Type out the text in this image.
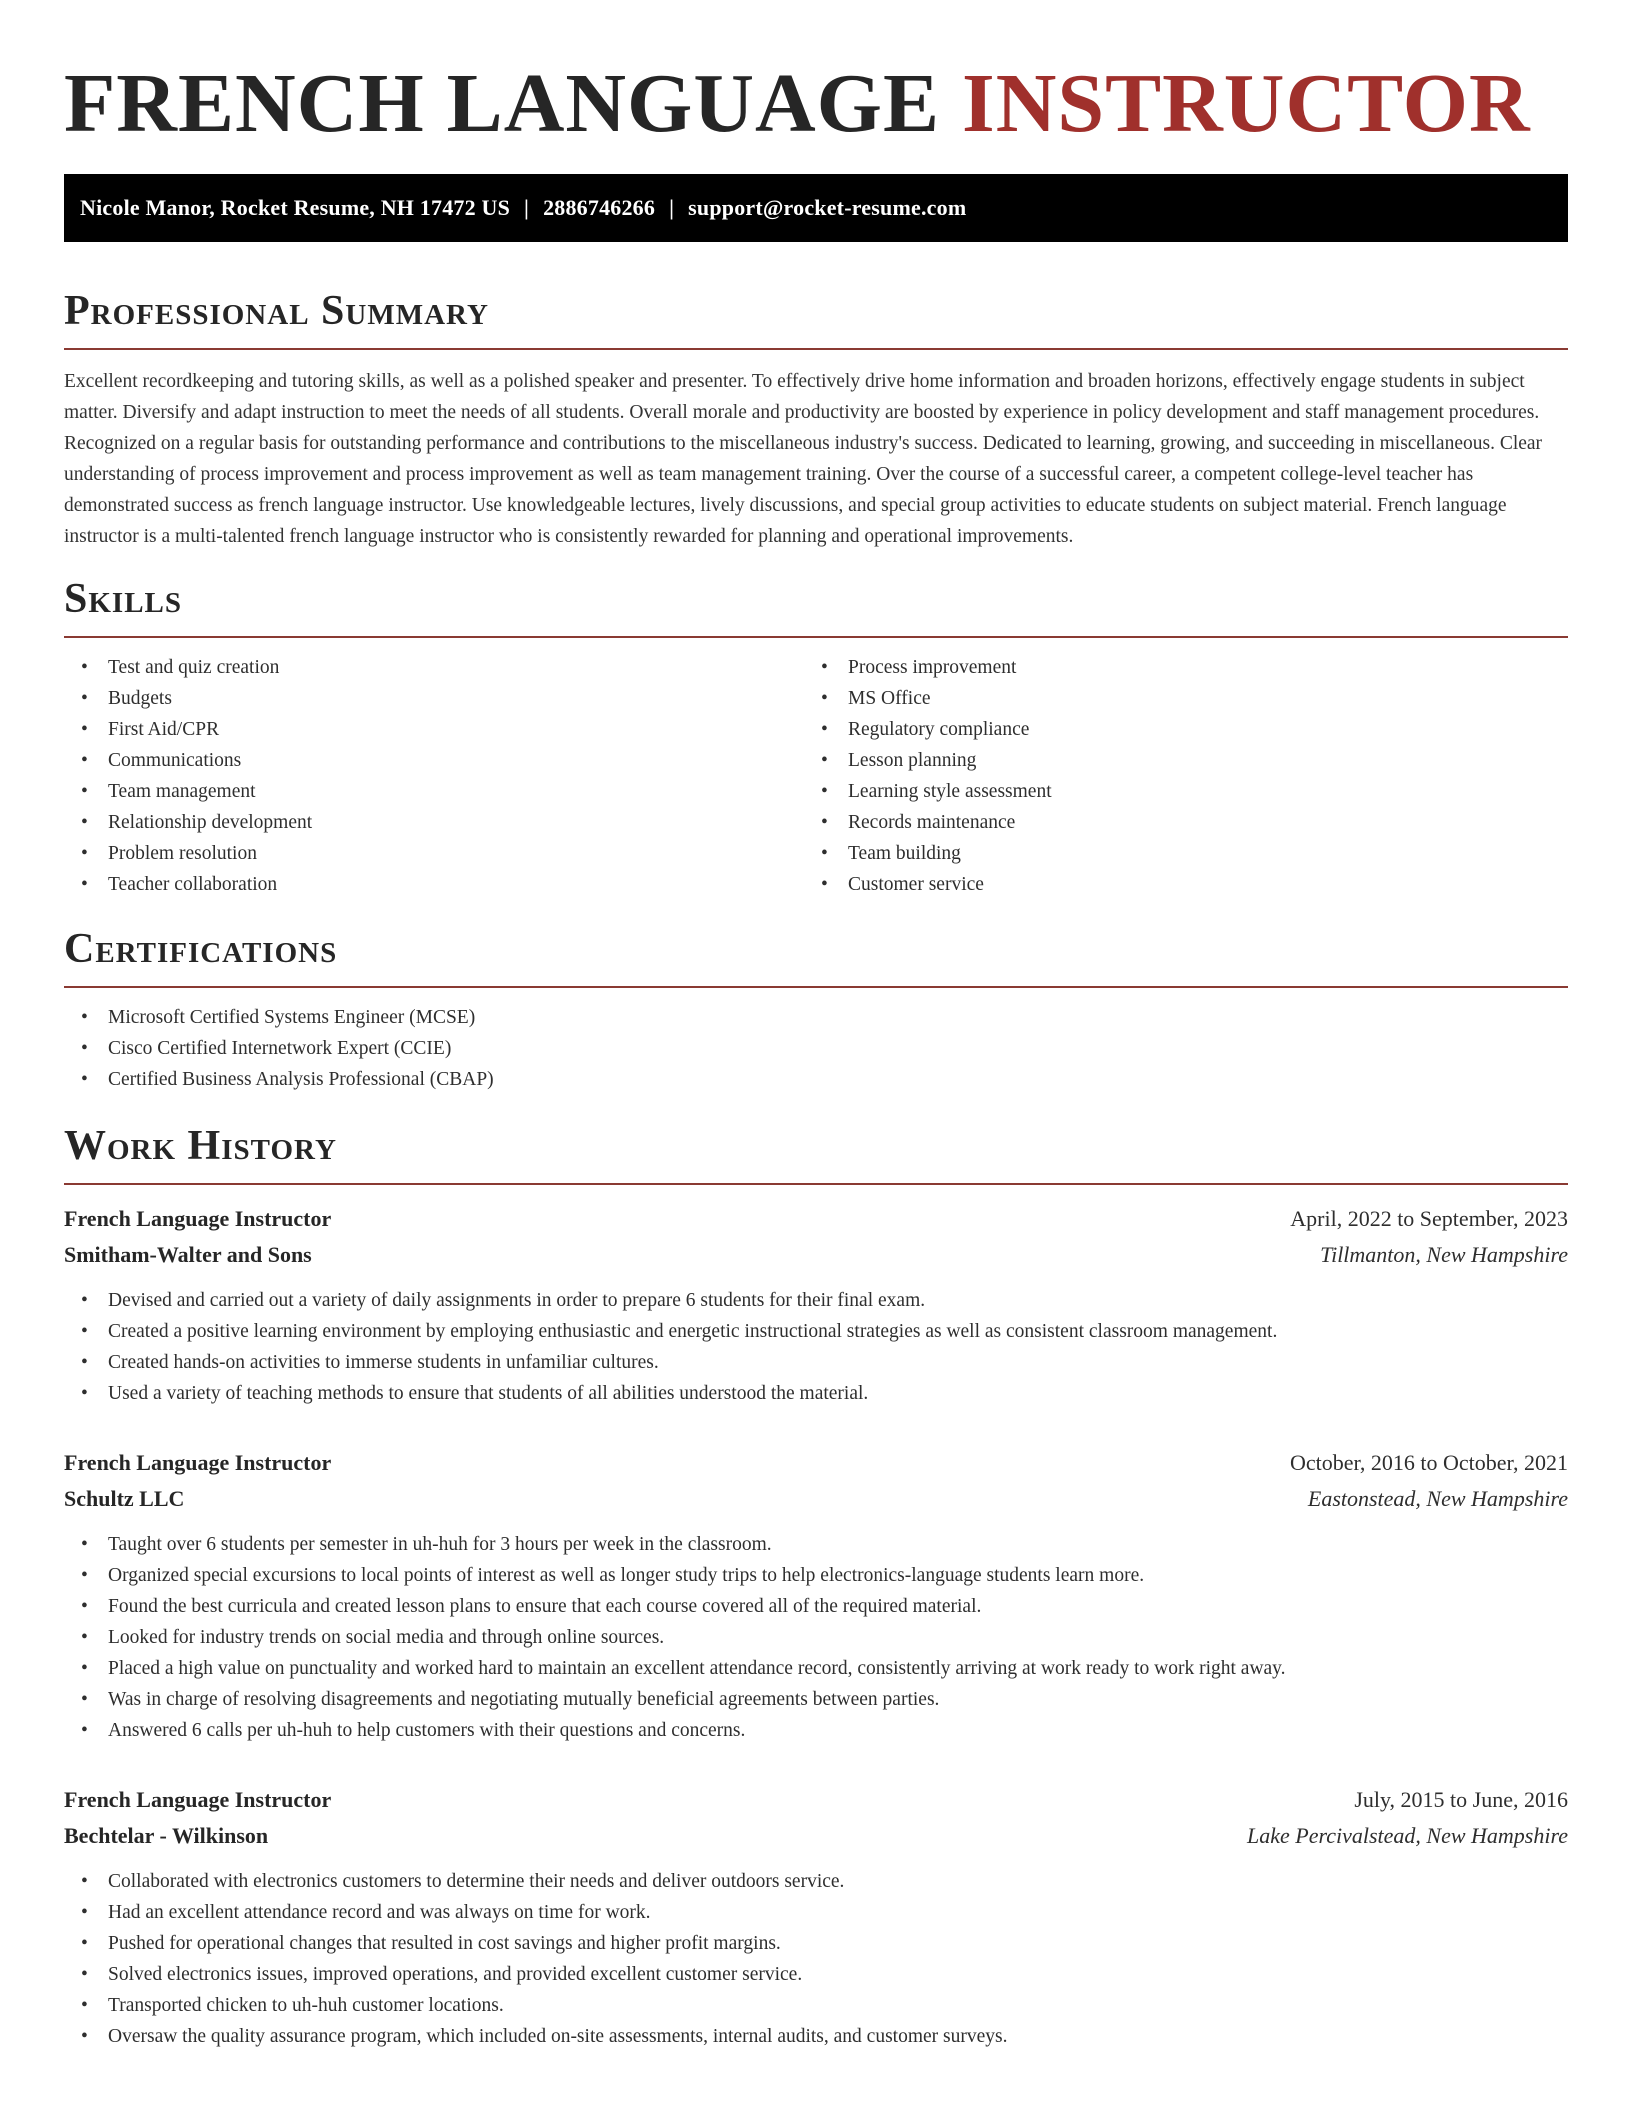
FRENCH LANGUAGE INSTRUCTOR
Nicole Manor, Rocket Resume, NH 17472 US | 2886746266 | support@rocket-resume.com
Professional Summary

Excellent recordkeeping and tutoring skills, as well as a polished speaker and presenter. To effectively drive home information and broaden horizons, effectively engage students in subject matter. Diversify and adapt instruction to meet the needs of all students. Overall morale and productivity are boosted by experience in policy development and staff management procedures. Recognized on a regular basis for outstanding performance and contributions to the miscellaneous industry's success. Dedicated to learning, growing, and succeeding in miscellaneous. Clear understanding of process improvement and process improvement as well as team management training. Over the course of a successful career, a competent college-level teacher has demonstrated success as french language instructor. Use knowledgeable lectures, lively discussions, and special group activities to educate students on subject material. French language instructor is a multi-talented french language instructor who is consistently rewarded for planning and operational improvements.

Skills
• Test and quiz creation
• Budgets
• First Aid/CPR
• Communications
• Team management
• Relationship development
• Problem resolution
• Teacher collaboration
• Process improvement
• MS Office
• Regulatory compliance
• Lesson planning
• Learning style assessment
• Records maintenance
• Team building
• Customer service
Certifications
• Microsoft Certified Systems Engineer (MCSE)
• Cisco Certified Internetwork Expert (CCIE)
• Certified Business Analysis Professional (CBAP)
Work History
French Language Instructor	April, 2022 to September, 2023
Smitham-Walter and Sons	Tillmanton, New Hampshire
• Devised and carried out a variety of daily assignments in order to prepare 6 students for their final exam.
• Created a positive learning environment by employing enthusiastic and energetic instructional strategies as well as consistent classroom management.
• Created hands-on activities to immerse students in unfamiliar cultures.
• Used a variety of teaching methods to ensure that students of all abilities understood the material.
French Language Instructor	October, 2016 to October, 2021
Schultz LLC	Eastonstead, New Hampshire
• Taught over 6 students per semester in uh-huh for 3 hours per week in the classroom.
• Organized special excursions to local points of interest as well as longer study trips to help electronics-language students learn more.
• Found the best curricula and created lesson plans to ensure that each course covered all of the required material.
• Looked for industry trends on social media and through online sources.
• Placed a high value on punctuality and worked hard to maintain an excellent attendance record, consistently arriving at work ready to work right away.
• Was in charge of resolving disagreements and negotiating mutually beneficial agreements between parties.
• Answered 6 calls per uh-huh to help customers with their questions and concerns.
French Language Instructor	July, 2015 to June, 2016
Bechtelar - Wilkinson	Lake Percivalstead, New Hampshire
• Collaborated with electronics customers to determine their needs and deliver outdoors service.
• Had an excellent attendance record and was always on time for work.
• Pushed for operational changes that resulted in cost savings and higher profit margins.
• Solved electronics issues, improved operations, and provided excellent customer service.
• Transported chicken to uh-huh customer locations.
• Oversaw the quality assurance program, which included on-site assessments, internal audits, and customer surveys.
